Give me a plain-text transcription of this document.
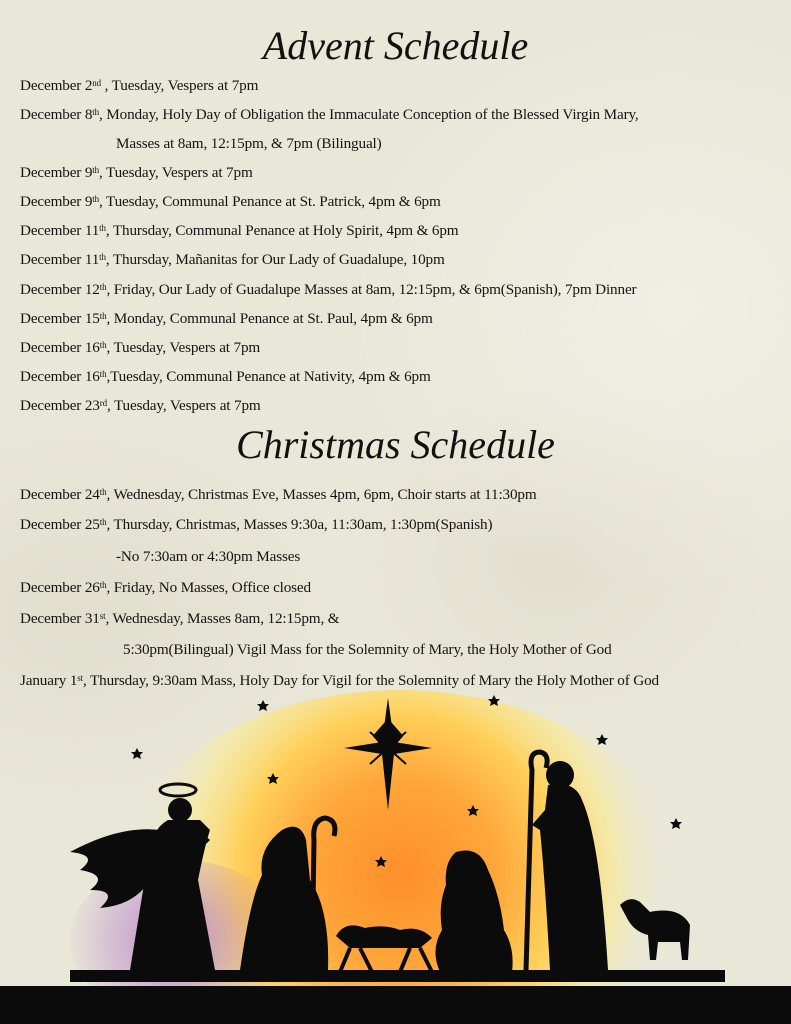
Advent Schedule
December 2nd , Tuesday, Vespers at 7pm
December 8th, Monday, Holy Day of Obligation the Immaculate Conception of the Blessed Virgin Mary,
Masses at 8am, 12:15pm, & 7pm (Bilingual)
December 9th, Tuesday, Vespers at 7pm
December 9th, Tuesday, Communal Penance at St. Patrick, 4pm & 6pm
December 11th, Thursday, Communal Penance at Holy Spirit, 4pm & 6pm
December 11th, Thursday, Mañanitas for Our Lady of Guadalupe, 10pm
December 12th, Friday, Our Lady of Guadalupe Masses at 8am, 12:15pm, & 6pm(Spanish), 7pm Dinner
December 15th, Monday, Communal Penance at St. Paul, 4pm & 6pm
December 16th, Tuesday, Vespers at 7pm
December 16th,Tuesday, Communal Penance at Nativity, 4pm & 6pm
December 23rd, Tuesday, Vespers at 7pm
Christmas Schedule
December 24th, Wednesday, Christmas Eve, Masses 4pm, 6pm, Choir starts at 11:30pm
December 25th, Thursday, Christmas, Masses 9:30a, 11:30am, 1:30pm(Spanish)
-No 7:30am or 4:30pm Masses
December 26th, Friday, No Masses, Office closed
December 31st, Wednesday, Masses 8am, 12:15pm, &
5:30pm(Bilingual) Vigil Mass for the Solemnity of Mary, the Holy Mother of God
January 1st, Thursday, 9:30am Mass, Holy Day for Vigil for the Solemnity of Mary the Holy Mother of God
